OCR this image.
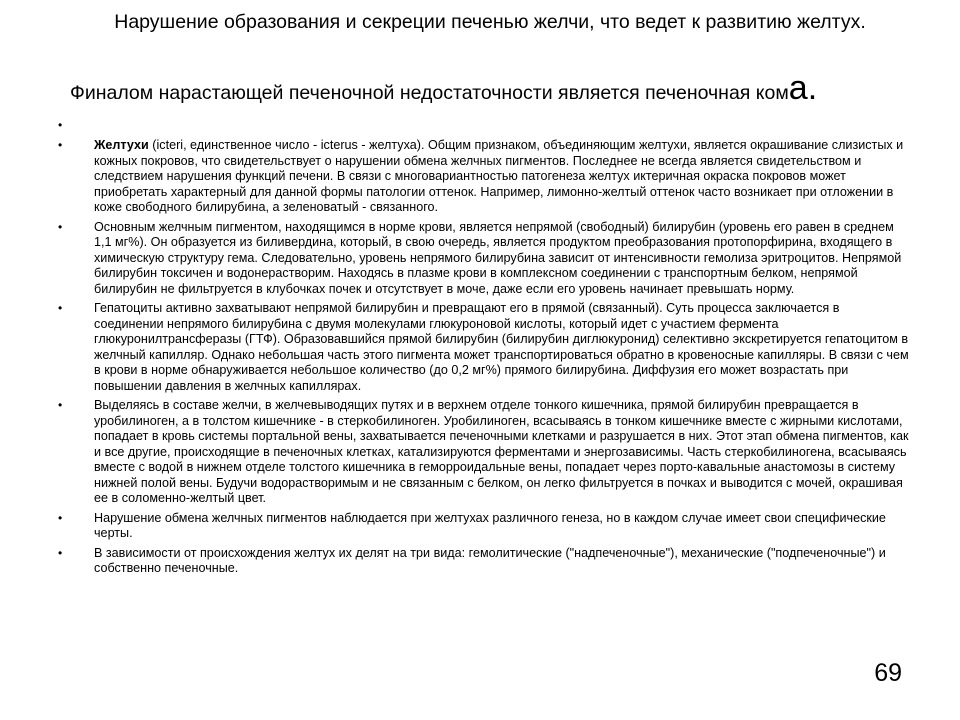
Нарушение образования и секреции печенью желчи, что ведет к развитию желтух.
Финалом нарастающей печеночной недостаточности является печеночная кома.
•
•	Желтухи (icteri, единственное число - icterus - желтуха). Общим признаком, объединяющим желтухи, является окрашивание слизистых и кожных покровов, что свидетельствует о нарушении обмена желчных пигментов. Последнее не всегда является свидетельством и следствием нарушения функций печени. В связи с многовариантностью патогенеза желтух иктеричная окраска покровов может приобретать характерный для данной формы патологии оттенок. Например, лимонно-желтый оттенок часто возникает при отложении в коже свободного билирубина, а зеленоватый - связанного.
•	Основным желчным пигментом, находящимся в норме крови, является непрямой (свободный) билирубин (уровень его равен в среднем 1,1 мг%). Он образуется из биливердина, который, в свою очередь, является продуктом преобразования протопорфирина, входящего в химическую структуру гема. Следовательно, уровень непрямого билирубина зависит от интенсивности гемолиза эритроцитов. Непрямой билирубин токсичен и водонерастворим. Находясь в плазме крови в комплексном соединении с транспортным белком, непрямой билирубин не фильтруется в клубочках почек и отсутствует в моче, даже если его уровень начинает превышать норму.
•	Гепатоциты активно захватывают непрямой билирубин и превращают его в прямой (связанный). Суть процесса заключается в соединении непрямого билирубина с двумя молекулами глюкуроновой кислоты, который идет с участием фермента глюкуронилтрансферазы (ГТФ). Образовавшийся прямой билирубин (билирубин диглюкуронид) селективно экскретируется гепатоцитом в желчный капилляр. Однако небольшая часть этого пигмента может транспортироваться обратно в кровеносные капилляры. В связи с чем в крови в норме обнаруживается небольшое количество (до 0,2 мг%) прямого билирубина. Диффузия его может возрастать при повышении давления в желчных капиллярах.
•	Выделяясь в составе желчи, в желчевыводящих путях и в верхнем отделе тонкого кишечника, прямой билирубин превращается в уробилиноген, а в толстом кишечнике - в стеркобилиноген. Уробилиноген, всасываясь в тонком кишечнике вместе с жирными кислотами, попадает в кровь системы портальной вены, захватывается печеночными клетками и разрушается в них. Этот этап обмена пигментов, как и все другие, происходящие в печеночных клетках, катализируются ферментами и энергозависимы. Часть стеркобилиногена, всасываясь вместе с водой в нижнем отделе толстого кишечника в геморроидальные вены, попадает через порто-кавальные анастомозы в систему нижней полой вены. Будучи водорастворимым и не связанным с белком, он легко фильтруется в почках и выводится с мочей, окрашивая ее в соломенно-желтый цвет.
•	Нарушение обмена желчных пигментов наблюдается при желтухах различного генеза, но в каждом случае имеет свои специфические черты.
•	В зависимости от происхождения желтух их делят на три вида: гемолитические ("надпеченочные"), механические ("подпеченочные") и собственно печеночные.
69
